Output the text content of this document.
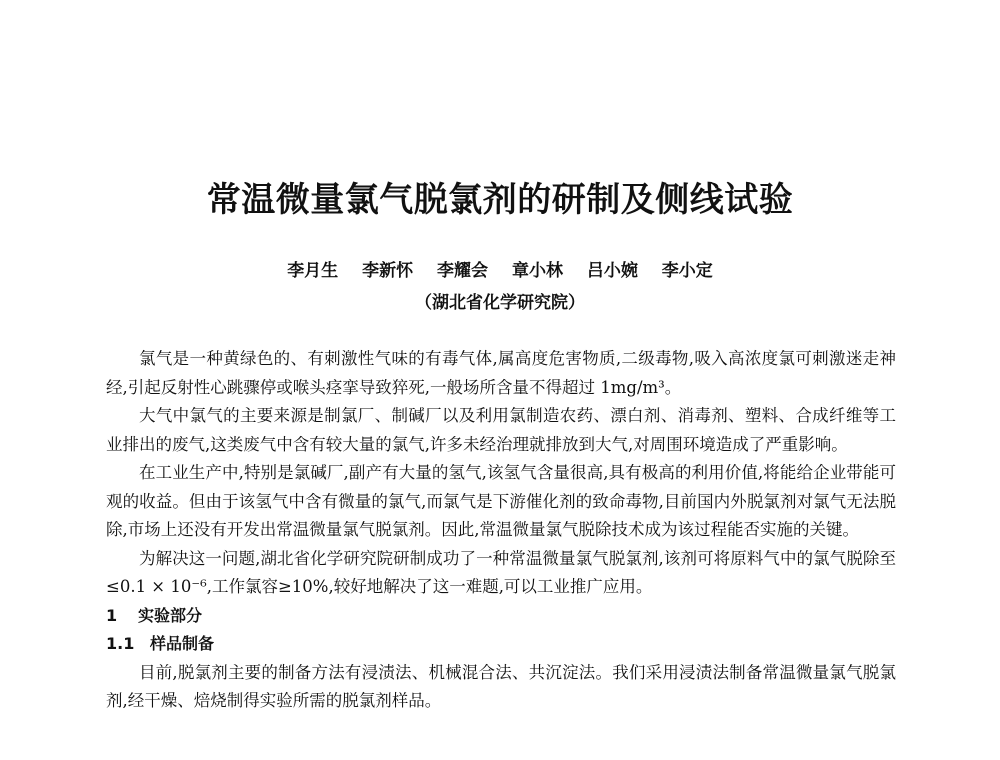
常温微量氯气脱氯剂的研制及侧线试验
李月生 李新怀 李耀会 章小林 吕小婉 李小定
（湖北省化学研究院）

氯气是一种黄绿色的、有刺激性气味的有毒气体,属高度危害物质,二级毒物,吸入高浓度氯可刺激迷走神经,引起反射性心跳骤停或喉头痉挛导致猝死,一般场所含量不得超过 1mg/m³。

大气中氯气的主要来源是制氯厂、制碱厂以及利用氯制造农药、漂白剂、消毒剂、塑料、合成纤维等工业排出的废气,这类废气中含有较大量的氯气,许多未经治理就排放到大气,对周围环境造成了严重影响。

在工业生产中,特别是氯碱厂,副产有大量的氢气,该氢气含量很高,具有极高的利用价值,将能给企业带能可观的收益。但由于该氢气中含有微量的氯气,而氯气是下游催化剂的致命毒物,目前国内外脱氯剂对氯气无法脱除,市场上还没有开发出常温微量氯气脱氯剂。因此,常温微量氯气脱除技术成为该过程能否实施的关键。

为解决这一问题,湖北省化学研究院研制成功了一种常温微量氯气脱氯剂,该剂可将原料气中的氯气脱除至≤0.1 × 10⁻⁶,工作氯容≥10%,较好地解决了这一难题,可以工业推广应用。

1 实验部分

1.1 样品制备

目前,脱氯剂主要的制备方法有浸渍法、机械混合法、共沉淀法。我们采用浸渍法制备常温微量氯气脱氯剂,经干燥、焙烧制得实验所需的脱氯剂样品。
